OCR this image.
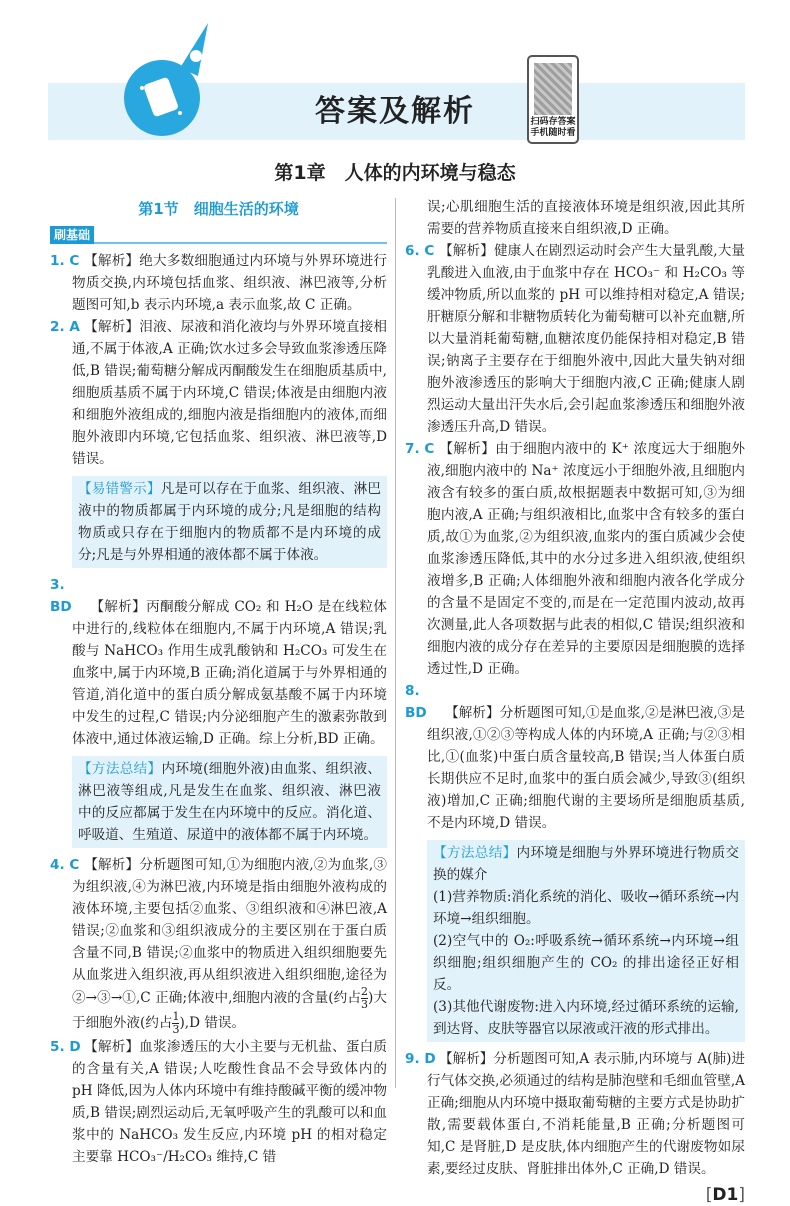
答案及解析	扫码存答案
手机随时看
第1章　人体的内环境与稳态
第1节　细胞生活的环境
刷基础
1. C 【解析】绝大多数细胞通过内环境与外界环境进行物质交换,内环境包括血浆、组织液、淋巴液等,分析题图可知,b 表示内环境,a 表示血浆,故 C 正确。
2. A 【解析】泪液、尿液和消化液均与外界环境直接相通,不属于体液,A 正确;饮水过多会导致血浆渗透压降低,B 错误;葡萄糖分解成丙酮酸发生在细胞质基质中,细胞质基质不属于内环境,C 错误;体液是由细胞内液和细胞外液组成的,细胞内液是指细胞内的液体,而细胞外液即内环境,它包括血浆、组织液、淋巴液等,D 错误。
【易错警示】凡是可以存在于血浆、组织液、淋巴液中的物质都属于内环境的成分;凡是细胞的结构物质或只存在于细胞内的物质都不是内环境的成分;凡是与外界相通的液体都不属于体液。
3. BD 【解析】丙酮酸分解成 CO₂ 和 H₂O 是在线粒体中进行的,线粒体在细胞内,不属于内环境,A 错误;乳酸与 NaHCO₃ 作用生成乳酸钠和 H₂CO₃ 可发生在血浆中,属于内环境,B 正确;消化道属于与外界相通的管道,消化道中的蛋白质分解成氨基酸不属于内环境中发生的过程,C 错误;内分泌细胞产生的激素弥散到体液中,通过体液运输,D 正确。综上分析,BD 正确。
【方法总结】内环境(细胞外液)由血浆、组织液、淋巴液等组成,凡是发生在血浆、组织液、淋巴液中的反应都属于发生在内环境中的反应。消化道、呼吸道、生殖道、尿道中的液体都不属于内环境。
4. C 【解析】分析题图可知,①为细胞内液,②为血浆,③为组织液,④为淋巴液,内环境是指由细胞外液构成的液体环境,主要包括②血浆、③组织液和④淋巴液,A 错误;②血浆和③组织液成分的主要区别在于蛋白质含量不同,B 错误;②血浆中的物质进入组织细胞要先从血浆进入组织液,再从组织液进入组织细胞,途径为②→③→①,C 正确;体液中,细胞内液的含量(约占 $\frac{2}{3}$ )大于细胞外液(约占 $\frac{1}{3} ),D$ 错误。
5. D 【解析】血浆渗透压的大小主要与无机盐、蛋白质的含量有关,A 错误;人吃酸性食品不会导致体内的 pH 降低,因为人体内环境中有维持酸碱平衡的缓冲物质,B 错误;剧烈运动后,无氧呼吸产生的乳酸可以和血浆中的 NaHCO₃ 发生反应,内环境 pH 的相对稳定主要靠 HCO₃⁻/H₂CO₃ 维持,C 错
误;心肌细胞生活的直接液体环境是组织液,因此其所需要的营养物质直接来自组织液,D 正确。
6. C 【解析】健康人在剧烈运动时会产生大量乳酸,大量乳酸进入血液,由于血浆中存在 HCO₃⁻ 和 H₂CO₃ 等缓冲物质,所以血浆的 pH 可以维持相对稳定,A 错误;肝糖原分解和非糖物质转化为葡萄糖可以补充血糖,所以大量消耗葡萄糖,血糖浓度仍能保持相对稳定,B 错误;钠离子主要存在于细胞外液中,因此大量失钠对细胞外液渗透压的影响大于细胞内液,C 正确;健康人剧烈运动大量出汗失水后,会引起血浆渗透压和细胞外液渗透压升高,D 错误。
7. C 【解析】由于细胞内液中的 K⁺ 浓度远大于细胞外液,细胞内液中的 Na⁺ 浓度远小于细胞外液,且细胞内液含有较多的蛋白质,故根据题表中数据可知,③为细胞内液,A 正确;与组织液相比,血浆中含有较多的蛋白质,故①为血浆,②为组织液,血浆内的蛋白质减少会使血浆渗透压降低,其中的水分过多进入组织液,使组织液增多,B 正确;人体细胞外液和细胞内液各化学成分的含量不是固定不变的,而是在一定范围内波动,故再次测量,此人各项数据与此表的相似,C 错误;组织液和细胞内液的成分存在差异的主要原因是细胞膜的选择透过性,D 正确。
8. BD 【解析】分析题图可知,①是血浆,②是淋巴液,③是组织液,①②③等构成人体的内环境,A 正确;与②③相比,①(血浆)中蛋白质含量较高,B 错误;当人体蛋白质长期供应不足时,血浆中的蛋白质会减少,导致③(组织液)增加,C 正确;细胞代谢的主要场所是细胞质基质,不是内环境,D 错误。
【方法总结】内环境是细胞与外界环境进行物质交换的媒介
(1)营养物质:消化系统的消化、吸收→循环系统→内环境→组织细胞。
(2)空气中的 O₂:呼吸系统→循环系统→内环境→组织细胞;组织细胞产生的 CO₂ 的排出途径正好相反。
(3)其他代谢废物:进入内环境,经过循环系统的运输,到达肾、皮肤等器官以尿液或汗液的形式排出。
9. D 【解析】分析题图可知,A 表示肺,内环境与 A(肺)进行气体交换,必须通过的结构是肺泡壁和毛细血管壁,A 正确;细胞从内环境中摄取葡萄糖的主要方式是协助扩散,需要载体蛋白,不消耗能量,B 正确;分析题图可知,C 是肾脏,D 是皮肤,体内细胞产生的代谢废物如尿素,要经过皮肤、肾脏排出体外,C 正确,D 错误。
[D1]
